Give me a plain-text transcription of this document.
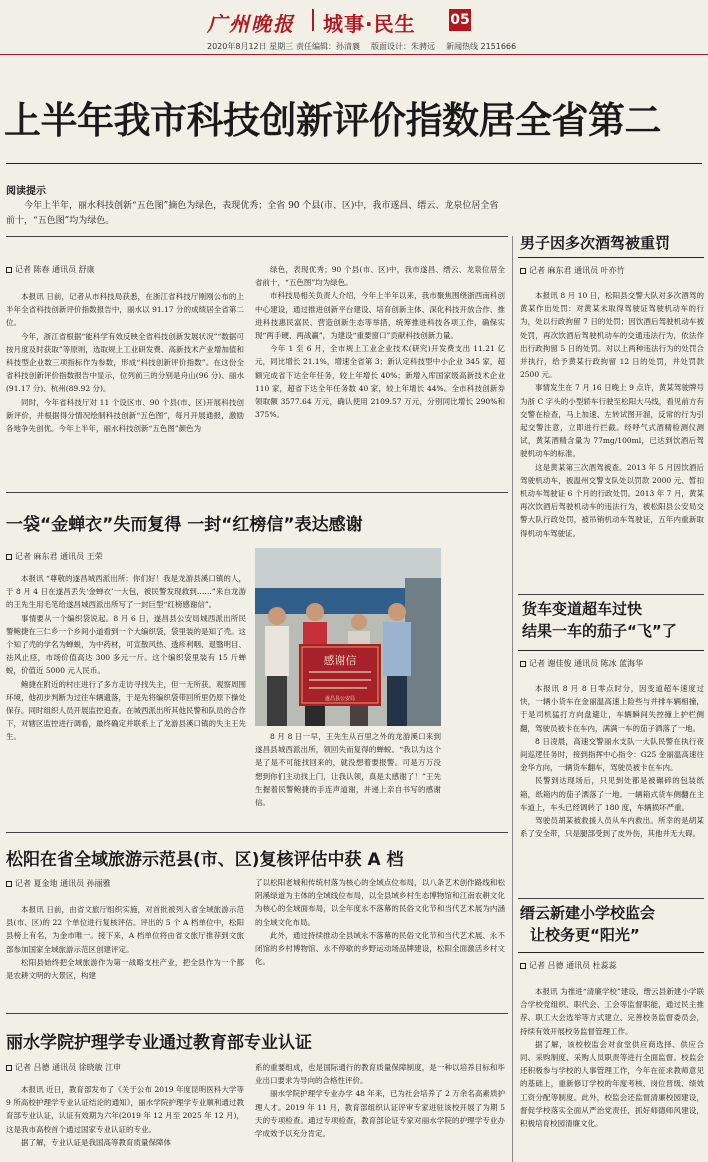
广州晚报 城事·民生 05
2020年8月12日 星期三 责任编辑：孙清襄 版面设计：朱骋远 新闻热线 2151666
上半年我市科技创新评价指数居全省第二
阅读提示
今年上半年，丽水科技创新“五色图”摘色为绿色，表现优秀；全省 90 个县(市、区)中，我市遂昌、缙云、龙泉位居全省前十，“五色图”均为绿色。
记者 陈春 通讯员 舒康

本报讯 日前，记者从市科技局获悉，在浙江省科技厅刚刚公布的上半年全省科技创新评价指数报告中，丽水以 91.17 分的成绩居全省第二位。

今年，浙江省根据“能科学有效反映全省科技创新发展状况”“数据可按月度及时获取”等原则，选取规上工业研发费、高新技术产业增加值和科技型企业数三项指标作为参数，形成“科技创新评价指数”。在这份全省科技创新评价指数报告中显示，位列前三的分别是舟山(96 分)、丽水(91.17 分)、杭州(89.92 分)。

同时，今年省科技厅对 11 个设区市、90 个县(市、区)开展科技创新评价，并根据得分情况绘制科技创新“五色图”，每月开展通报，激励各地争先创优。今年上半年，丽水科技创新“五色图”颜色为

绿色，表现优秀；90 个县(市、区)中，我市遂昌、缙云、龙泉位居全省前十，“五色图”均为绿色。

市科技局相关负责人介绍，今年上半年以来，我市聚焦围绕浙西南科创中心建设，通过推进创新平台建设、培育创新主体、深化科技开放合作、推进科技惠民富民、营造创新生态等举措，统筹推进科技各项工作，确保实现“两手硬、两战赢”，为建设“重要窗口”贡献科技创新力量。

今年 1 至 6 月，全市规上工业企业技术(研究)开发费支出 11.21 亿元，同比增长 21.1%，增速全省第 3；新认定科技型中小企业 345 家，超额完成省下达全年任务，较上年增长 40%；新增入库国家级高新技术企业 110 家，超省下达全年任务数 40 家，较上年增长 44%。全市科技创新券领取额 3577.64 万元，确认使用 2109.57 万元，分别同比增长 290%和 375%。

一袋“金蝉衣”失而复得 一封“红榜信”表达感谢
记者 麻东君 通讯员 王荣

本报讯 “尊敬的遂昌城西派出所：你们好！我是龙游县溪口镇的人，于 8 月 4 日在遂昌丢失‘金蝉衣’一大包，被民警发现救到……”来自龙游的王先生用毛笔给遂昌城西派出所写了一封巨型“红榜感谢信”。

事情要从一个编织袋说起。8 月 6 日，遂昌县公安局城西派出所民警鲍捷在三仁乡一个乡间小道看到一个大编织袋，袋里装的是知了壳。这个知了壳的学名为蝉蜕，为中药材，可宣散风热、透疹利咽、退翳明目、祛风止痉，市场价值高达 300 多元一斤。这个编织袋里装有 15 斤蝉蜕，价值近 5000 元人民币。

鲍捷在附近的村庄进行了多方走访寻找失主，但一无所获。观察周围环境，他初步判断为过往车辆遗落，于是先将编织袋带回所里仍原下操处保存。同时组织人员开展监控追查。在城西派出所其他民警和队员的合作下，对辖区监控进行调看，最终确定并联系上了龙游县溪口镇的失主王先生。

感谢信
遂昌县公安局
8 月 8 日一早，王先生从百里之外的龙游溪口来到遂昌县城西派出所，领回失而复得的蝉蜕。“我以为这个是了是不可能找回来的，就没想着要报警。可是万万没想到你们主动找上门，让我认领，真是太感谢了！”王先生握着民警鲍捷的手连声道谢，并递上亲自书写的感谢信。
松阳在省全域旅游示范县(市、区)复核评估中获 A 档
记者 夏金地 通讯员 孙丽雅

本报讯 日前，由省文旅厅组织实施，对首批被列入省全域旅游示范县(市、区)的 22 个单位进行复核评估。评出的 5 个 A 档单位中，松阳县榜上有名，为金市唯一。接下来，A 档单位将由省文旅厅推荐到文旅部参加国家全域旅游示范区创建评定。

松阳县始终把全域旅游作为第一战略支柱产业，把全县作为一个都是农耕文明的大景区，构建

了以松阳老城和传统村落为核心的全域点位布局，以八条艺术创作路线和松阴溪绿道为主体的全域线位布局，以全县域乡村生态博物馆和江南农耕文化为核心的全域面布局，以全年度永不落幕的民俗文化节和当代艺术展为内涵的全域文化布局。

此外，通过持续推动全县域永不落幕的民俗文化节和当代艺术展、永不闭馆的乡村博物馆、永不停歇的乡野运动场品牌建设，松阳全面激活乡村文化。

丽水学院护理学专业通过教育部专业认证
记者 吕德 通讯员 徐晓敏 江申

本报讯 近日，教育部发布了《关于公布 2019 年度昆明医科大学等 9 所高校护理学专业认证结论的通知》，丽水学院护理学专业顺利通过教育部专业认证，认证有效期为六年(2019 年 12 月至 2025 年 12 月)，这是我市高校首个通过国家专业认证的专业。

据了解，专业认证是我国高等教育质量保障体

系的重要组成，也是国际通行的教育质量保障制度，是一种以培养目标和毕业出口要求为导向的合格性评价。

丽水学院护理学专业办学 48 年来，已为社会培养了 2 万余名高素质护理人才。2019 年 11 月，教育部组织认证评审专家进驻该校开展了为期 5 天的专项检查。通过专项检查，教育部论证专家对丽水学院的护理学专业办学成效予以充分肯定。

男子因多次酒驾被重罚
记者 麻东君 通讯员 叶亦竹

本报讯 8 月 10 日，松阳县交警大队对多次酒驾的黄某作出处罚：对黄某未取得驾驶证驾驶机动车的行为，处以行政拘留 7 日的处罚；因饮酒后驾驶机动车被处罚，再次饮酒后驾驶机动车的交通违法行为，依法作出行政拘留 5 日的处罚。对以上两种违法行为的处罚合并执行，给予黄某行政拘留 12 日的处罚，并处罚款 2500 元。

事情发生在 7 月 16 日晚上 9 点许，黄某驾驶牌号为浙 C 字头的小型轿车行驶至松阳大马线，看见前方有交警在检查，马上加速、左转试图开溜，反常的行为引起交警注意，立即进行拦截。经呼气式酒精检测仪测试，黄某酒精含量为 77mg/100ml，已达到饮酒后驾驶机动车的标准。

这是黄某第三次酒驾被查。2013 年 5 月因饮酒后驾驶机动车，被温州交警支队处以罚款 2000 元、暂扣机动车驾驶证 6 个月的行政处罚。2013 年 7 月，黄某再次饮酒后驾驶机动车的违法行为，被松阳县公安局交警大队行政处罚，被吊销机动车驾驶证，五年内重新取得机动车驾驶证。

货车变道超车过快
结果一车的茄子“飞”了
记者 谢佳俊 通讯员 陈冰 蓝海华

本报讯 8 月 8 日零点时分，因变道超车速度过快，一辆小货车在金丽温高速上险些与并排车辆相撞，于是司机猛打方向盘避让，车辆瞬间失控撞上护栏侧翻，驾驶员被卡在车内，满满一车的茄子洒落了一地。

8 日凌晨，高速交警丽水支队一大队民警在执行夜间巡逻任务时，接到指挥中心指令：G25 金丽温高速往金华方向，一辆货车翻车，驾驶员被卡在车内。

民警到达现场后，只见到处都是被碾碎的包装纸箱，纸箱内的茄子洒落了一地。一辆箱式货车侧翻在主车道上，车头已经调转了 180 度，车辆损坏严重。

驾驶员胡某被救援人员从车内救出。所幸的是胡某系了安全带，只是腿部受到了皮外伤，其他并无大碍。

缙云新建小学校监会
让校务更“阳光”
记者 吕德 通讯员 杜蕊蕊

本报讯 为推进“清廉学校”建设，缙云县新建小学联合学校党组织、职代会、工会等监督职能，通过民主推荐、职工大会选举等方式建立、完善校务监督委员会，持续有效开展校务监督管理工作。

据了解，该校校监会对食堂供应商选择、供应合同、采购制度、采购人员职责等进行全面监督。校监会还积极参与学校的人事管理工作，今年在征求教师意见的基础上，重新修订学校的年度考核、岗位晋级、绩效工资分配等制度。此外，校监会还监督清廉校园建设，督促学校落实全面从严治党责任，抓好师德师风建设，积极培育校园清廉文化。
